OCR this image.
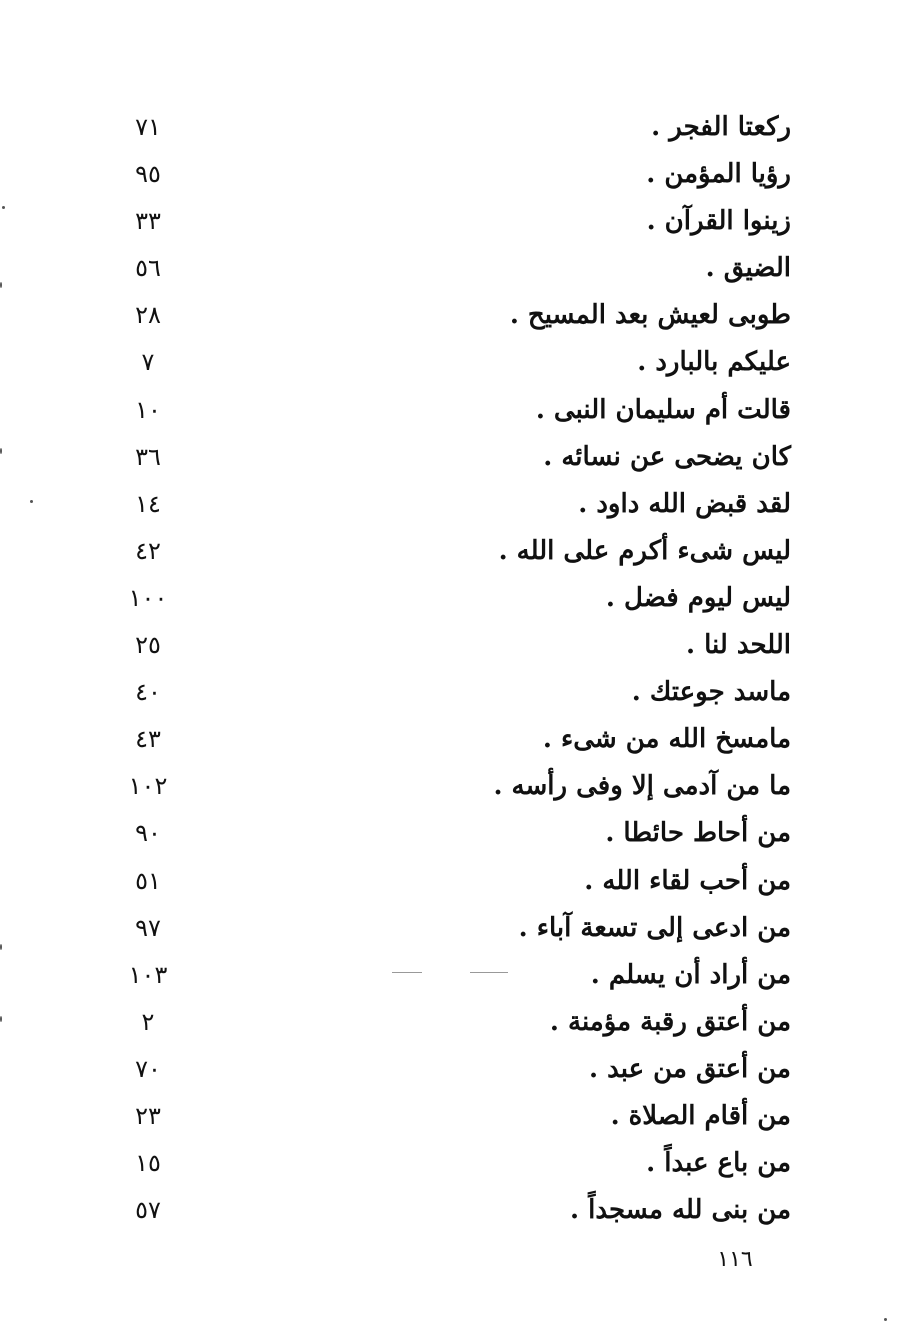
ركعتا الفجر .
٧١
رؤيا المؤمن .
٩٥
زينوا القرآن .
٣٣
الضيق .
٥٦
طوبى لعيش بعد المسيح .
٢٨
عليكم بالبارد .
٧
قالت أم سليمان النبى .
١٠
كان يضحى عن نسائه .
٣٦
لقد قبض الله داود .
١٤
ليس شىء أكرم على الله .
٤٢
ليس ليوم فضل .
١٠٠
اللحد لنا .
٢٥
ماسد جوعتك .
٤٠
مامسخ الله من شىء .
٤٣
ما من آدمى إلا وفى رأسه .
١٠٢
من أحاط حائطا .
٩٠
من أحب لقاء الله .
٥١
من ادعى إلى تسعة آباء .
٩٧
من أراد أن يسلم .
١٠٣
من أعتق رقبة مؤمنة .
٢
من أعتق من عبد .
٧٠
من أقام الصلاة .
٢٣
من باع عبداً .
١٥
من بنى لله مسجداً .
٥٧
١١٦
